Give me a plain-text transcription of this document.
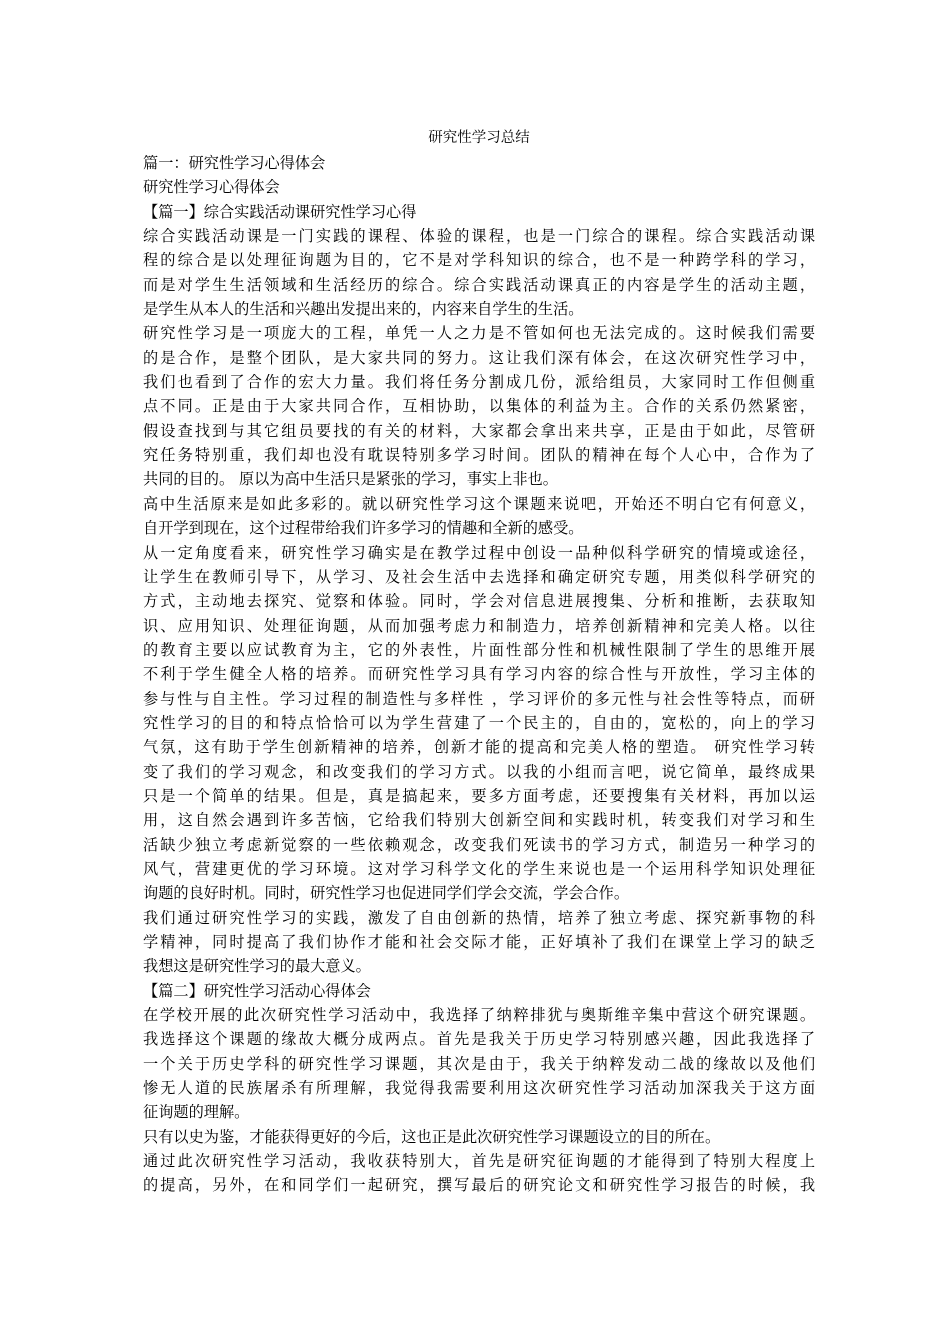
研究性学习总结
篇一：研究性学习心得体会
研究性学习心得体会
【篇一】综合实践活动课研究性学习心得
综合实践活动课是一门实践的课程、体验的课程，也是一门综合的课程。综合实践活动课
程的综合是以处理征询题为目的，它不是对学科知识的综合，也不是一种跨学科的学习，
而是对学生生活领域和生活经历的综合。综合实践活动课真正的内容是学生的活动主题，
是学生从本人的生活和兴趣出发提出来的，内容来自学生的生活。
研究性学习是一项庞大的工程，单凭一人之力是不管如何也无法完成的。这时候我们需要
的是合作，是整个团队，是大家共同的努力。这让我们深有体会，在这次研究性学习中，
我们也看到了合作的宏大力量。我们将任务分割成几份，派给组员，大家同时工作但侧重
点不同。正是由于大家共同合作，互相协助，以集体的利益为主。合作的关系仍然紧密，
假设查找到与其它组员要找的有关的材料，大家都会拿出来共享，正是由于如此，尽管研
究任务特别重，我们却也没有耽误特别多学习时间。团队的精神在每个人心中，合作为了
共同的目的。 原以为高中生活只是紧张的学习，事实上非也。
高中生活原来是如此多彩的。就以研究性学习这个课题来说吧，开始还不明白它有何意义，
自开学到现在，这个过程带给我们许多学习的情趣和全新的感受。
从一定角度看来，研究性学习确实是在教学过程中创设一品种似科学研究的情境或途径，
让学生在教师引导下，从学习、及社会生活中去选择和确定研究专题，用类似科学研究的
方式，主动地去探究、觉察和体验。同时，学会对信息进展搜集、分析和推断，去获取知
识、应用知识、处理征询题，从而加强考虑力和制造力，培养创新精神和完美人格。以往
的教育主要以应试教育为主，它的外表性，片面性部分性和机械性限制了学生的思维开展
不利于学生健全人格的培养。而研究性学习具有学习内容的综合性与开放性，学习主体的
参与性与自主性。学习过程的制造性与多样性 ，学习评价的多元性与社会性等特点，而研
究性学习的目的和特点恰恰可以为学生营建了一个民主的，自由的，宽松的，向上的学习
气氛，这有助于学生创新精神的培养，创新才能的提高和完美人格的塑造。 研究性学习转
变了我们的学习观念，和改变我们的学习方式。以我的小组而言吧，说它简单，最终成果
只是一个简单的结果。但是，真是搞起来，要多方面考虑，还要搜集有关材料，再加以运
用，这自然会遇到许多苦恼，它给我们特别大创新空间和实践时机，转变我们对学习和生
活缺少独立考虑新觉察的一些依赖观念，改变我们死读书的学习方式，制造另一种学习的
风气，营建更优的学习环境。这对学习科学文化的学生来说也是一个运用科学知识处理征
询题的良好时机。同时，研究性学习也促进同学们学会交流，学会合作。
我们通过研究性学习的实践，激发了自由创新的热情，培养了独立考虑、探究新事物的科
学精神，同时提高了我们协作才能和社会交际才能，正好填补了我们在课堂上学习的缺乏
我想这是研究性学习的最大意义。
【篇二】研究性学习活动心得体会
在学校开展的此次研究性学习活动中，我选择了纳粹排犹与奥斯维辛集中营这个研究课题。
我选择这个课题的缘故大概分成两点。首先是我关于历史学习特别感兴趣，因此我选择了
一个关于历史学科的研究性学习课题，其次是由于，我关于纳粹发动二战的缘故以及他们
惨无人道的民族屠杀有所理解，我觉得我需要利用这次研究性学习活动加深我关于这方面
征询题的理解。
只有以史为鉴，才能获得更好的今后，这也正是此次研究性学习课题设立的目的所在。
通过此次研究性学习活动，我收获特别大，首先是研究征询题的才能得到了特别大程度上
的提高，另外，在和同学们一起研究，撰写最后的研究论文和研究性学习报告的时候，我
